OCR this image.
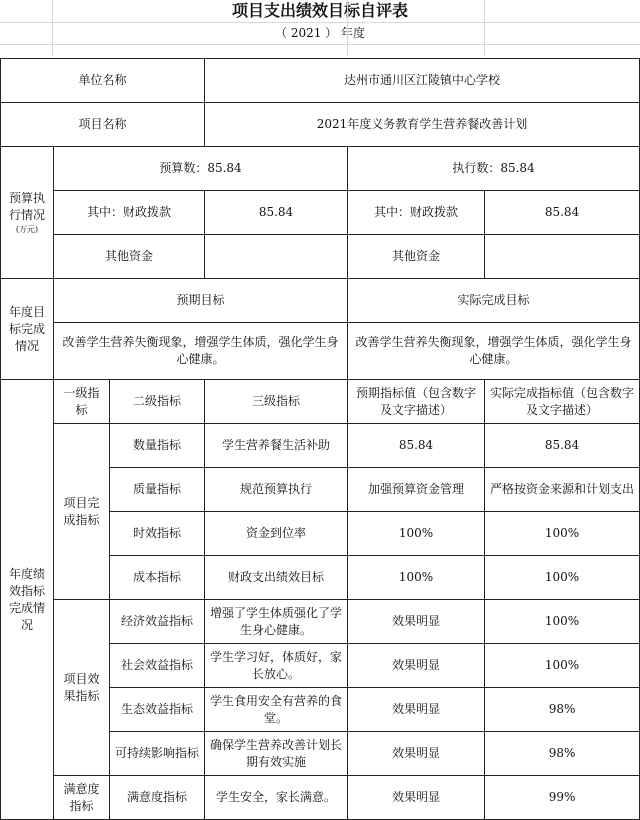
项目支出绩效目标自评表
（ 2021 ） 年度
单位名称			达州市通川区江陵镇中心学校		
项目名称			2021年度义务教育学生营养餐改善计划		
预算执行情况
(万元)	预算数：85.84			执行数：85.84	
	其中：财政拨款		85.84	其中：财政拨款	85.84
	其他资金			其他资金	
年度目标完成情况	预期目标			实际完成目标	
	改善学生营养失衡现象，增强学生体质，强化学生身心健康。			改善学生营养失衡现象，增强学生体质，强化学生身心健康。	
年度绩效指标完成情况	一级指标	二级指标	三级指标	预期指标值（包含数字及文字描述）	实际完成指标值（包含数字及文字描述）
	项目完成指标	数量指标	学生营养餐生活补助	85.84	85.84
		质量指标	规范预算执行	加强预算资金管理	严格按资金来源和计划支出
		时效指标	资金到位率	100%	100%
		成本指标	财政支出绩效目标	100%	100%
	项目效果指标	经济效益指标	增强了学生体质强化了学生身心健康。	效果明显	100%
		社会效益指标	学生学习好，体质好，家长放心。	效果明显	100%
		生态效益指标	学生食用安全有营养的食堂。	效果明显	98%
		可持续影响指标	确保学生营养改善计划长期有效实施	效果明显	98%
	满意度指标	满意度指标	学生安全，家长满意。	效果明显	99%
